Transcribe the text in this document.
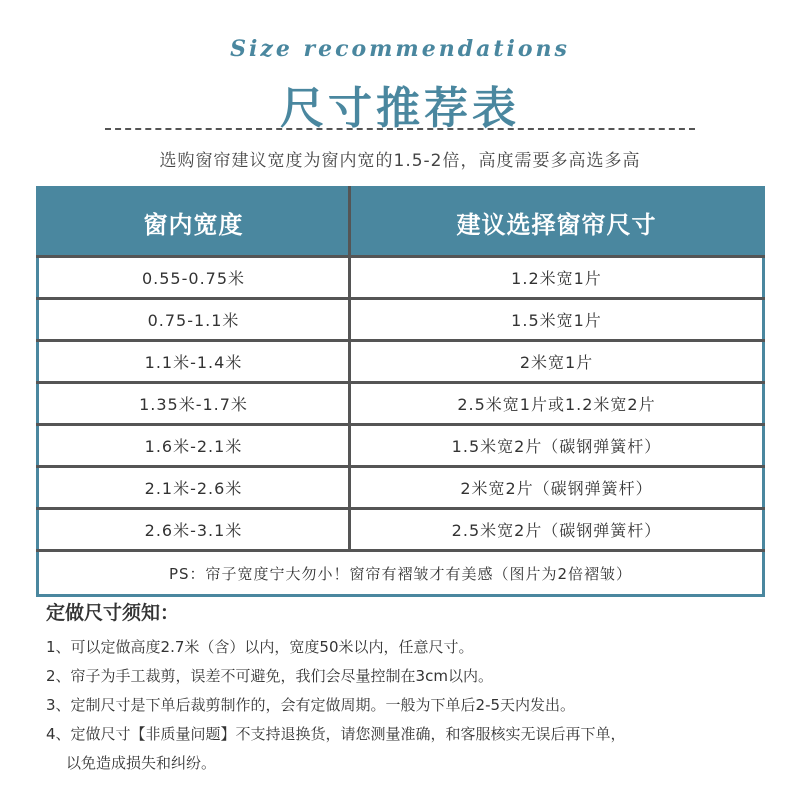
Size recommendations
尺寸推荐表
选购窗帘建议宽度为窗内宽的1.5-2倍，高度需要多高选多高
窗内宽度	建议选择窗帘尺寸
0.55-0.75米	1.2米宽1片
0.75-1.1米	1.5米宽1片
1.1米-1.4米	2米宽1片
1.35米-1.7米	2.5米宽1片或1.2米宽2片
1.6米-2.1米	1.5米宽2片（碳钢弹簧杆）
2.1米-2.6米	2米宽2片（碳钢弹簧杆）
2.6米-3.1米	2.5米宽2片（碳钢弹簧杆）
PS：帘子宽度宁大勿小！窗帘有褶皱才有美感（图片为2倍褶皱）	
定做尺寸须知：
1、可以定做高度2.7米（含）以内，宽度50米以内，任意尺寸。
2、帘子为手工裁剪，误差不可避免，我们会尽量控制在3cm以内。
3、定制尺寸是下单后裁剪制作的，会有定做周期。一般为下单后2-5天内发出。
4、定做尺寸【非质量问题】不支持退换货，请您测量准确，和客服核实无误后再下单，
以免造成损失和纠纷。
